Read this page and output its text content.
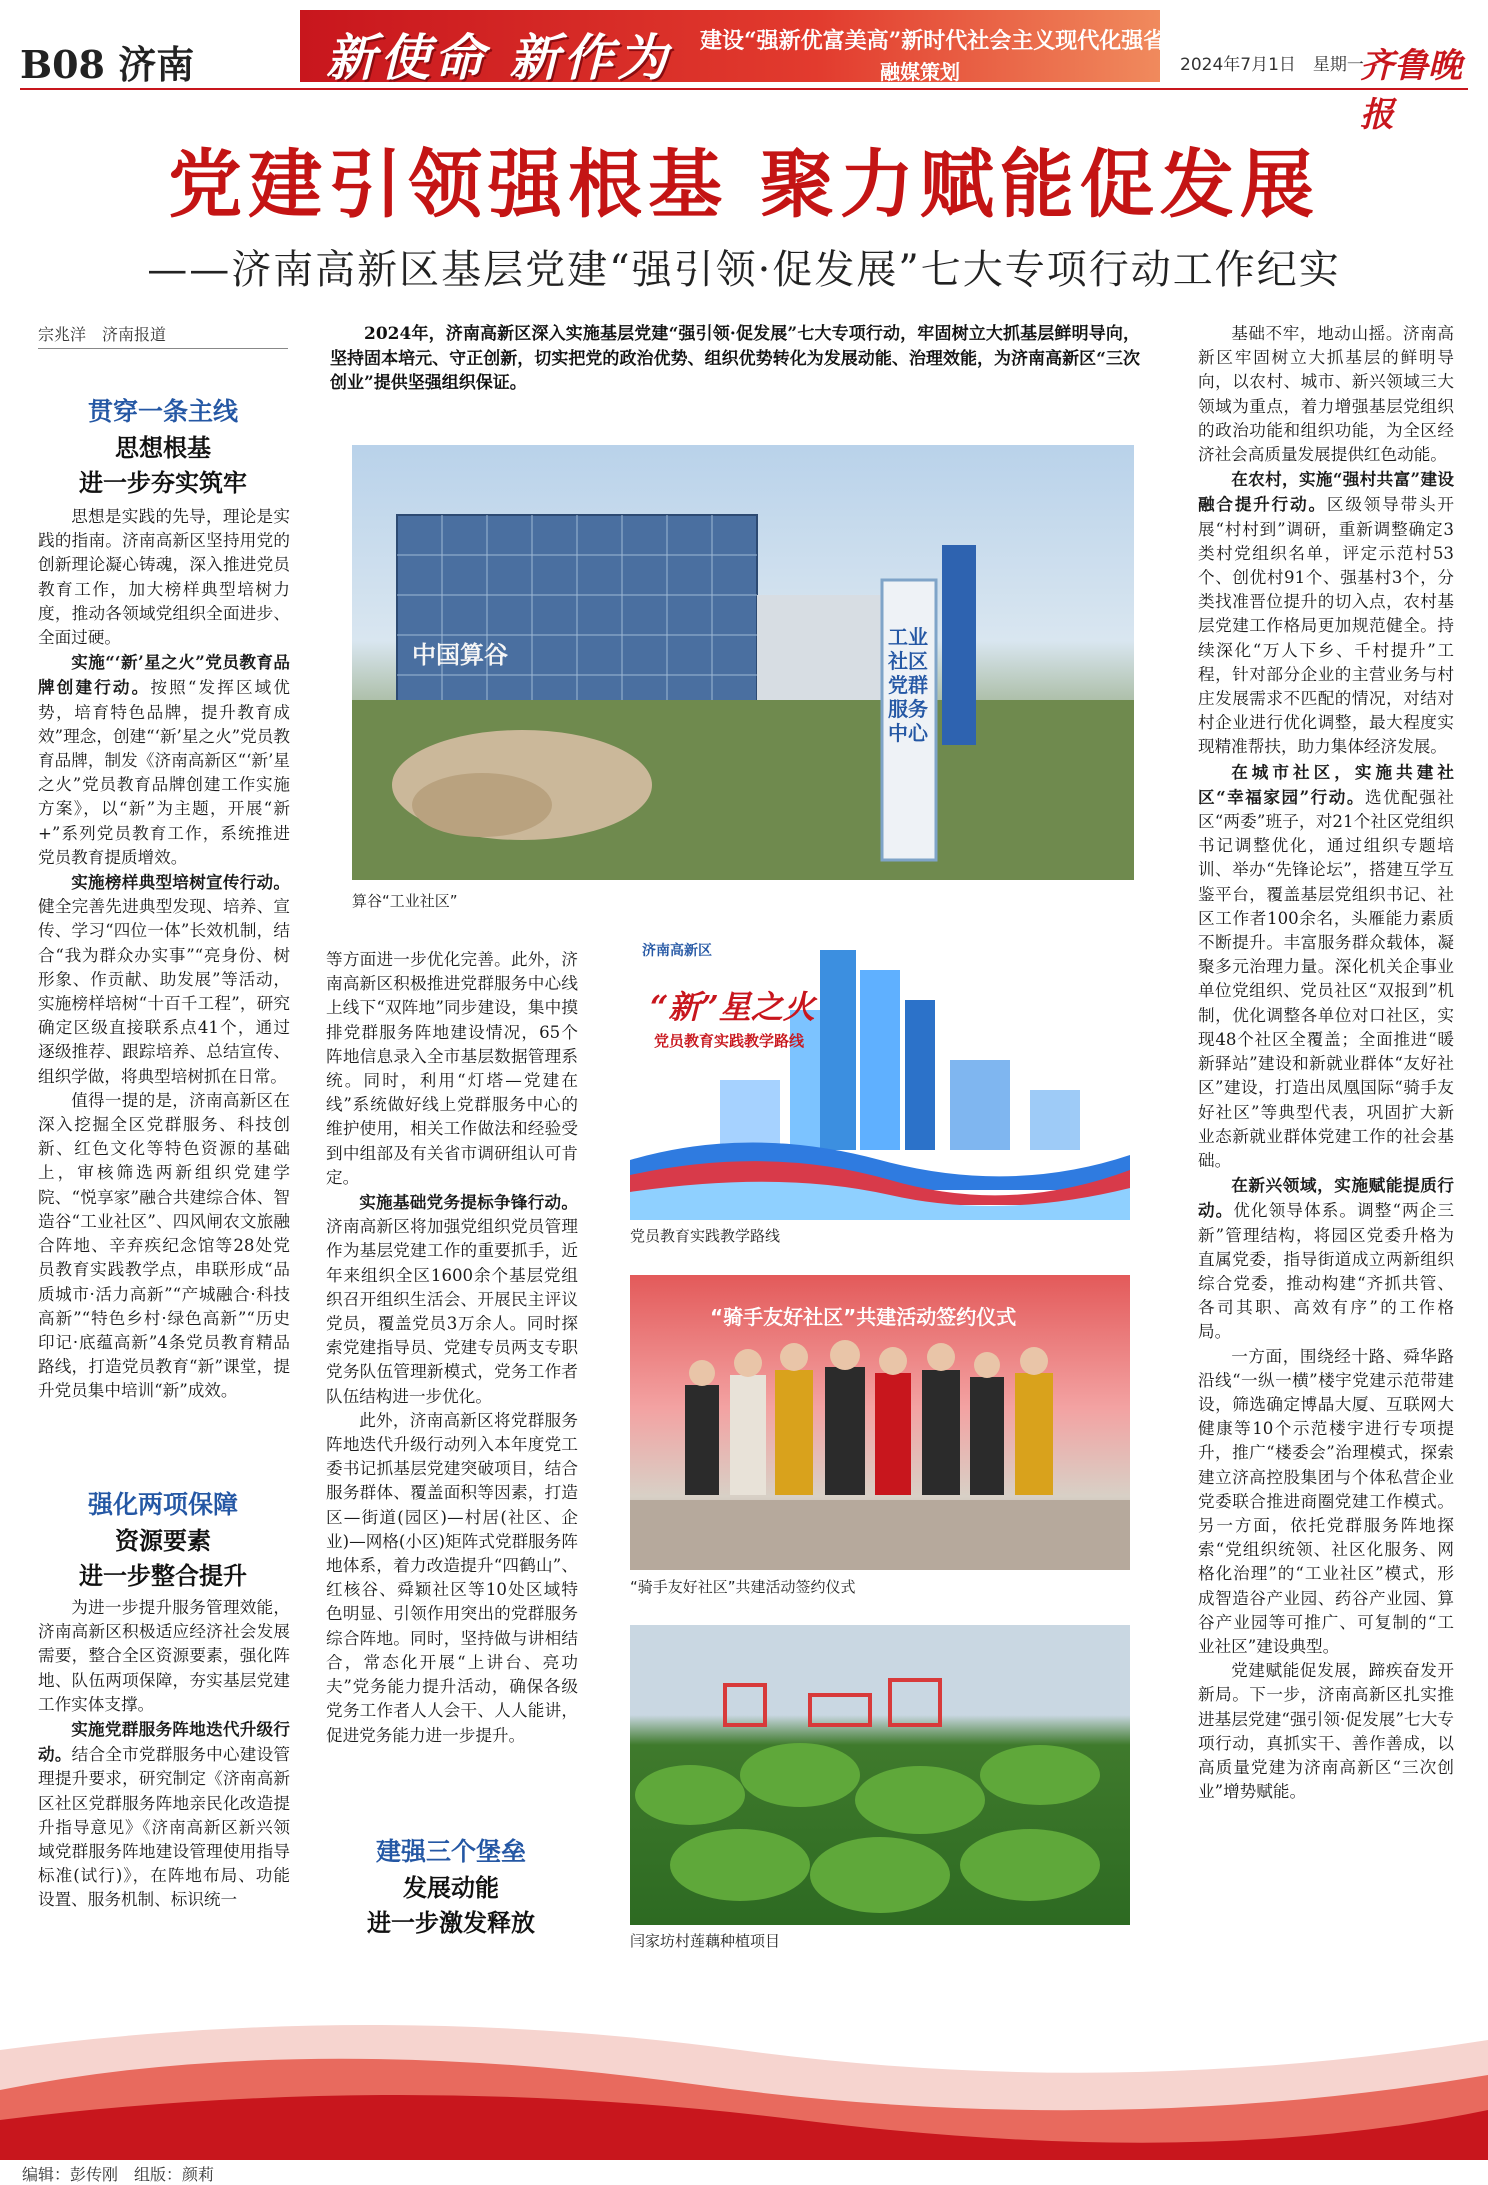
B08 济南	新使命 新作为 建设“强新优富美高”新时代社会主义现代化强省会
融媒策划	2024年7月1日　星期一
齐鲁晚报
党建引领强根基 聚力赋能促发展
——济南高新区基层党建“强引领·促发展”七大专项行动工作纪实
宗兆洋　济南报道
贯穿一条主线
思想根基
进一步夯实筑牢

思想是实践的先导，理论是实践的指南。济南高新区坚持用党的创新理论凝心铸魂，深入推进党员教育工作，加大榜样典型培树力度，推动各领域党组织全面进步、全面过硬。

实施“‘新’星之火”党员教育品牌创建行动。按照“发挥区域优势，培育特色品牌，提升教育成效”理念，创建“‘新’星之火”党员教育品牌，制发《济南高新区“‘新’星之火”党员教育品牌创建工作实施方案》，以“新”为主题，开展“新+”系列党员教育工作，系统推进党员教育提质增效。

实施榜样典型培树宣传行动。健全完善先进典型发现、培养、宣传、学习“四位一体”长效机制，结合“我为群众办实事”“亮身份、树形象、作贡献、助发展”等活动，实施榜样培树“十百千工程”，研究确定区级直接联系点41个，通过逐级推荐、跟踪培养、总结宣传、组织学做，将典型培树抓在日常。

值得一提的是，济南高新区在深入挖掘全区党群服务、科技创新、红色文化等特色资源的基础上，审核筛选两新组织党建学院、“悦享家”融合共建综合体、智造谷“工业社区”、四风闸农文旅融合阵地、辛弃疾纪念馆等28处党员教育实践教学点，串联形成“品质城市·活力高新”“产城融合·科技高新”“特色乡村·绿色高新”“历史印记·底蕴高新”4条党员教育精品路线，打造党员教育“新”课堂，提升党员集中培训“新”成效。

强化两项保障
资源要素
进一步整合提升

为进一步提升服务管理效能，济南高新区积极适应经济社会发展需要，整合全区资源要素，强化阵地、队伍两项保障，夯实基层党建工作实体支撑。

实施党群服务阵地迭代升级行动。结合全市党群服务中心建设管理提升要求，研究制定《济南高新区社区党群服务阵地亲民化改造提升指导意见》《济南高新区新兴领域党群服务阵地建设管理使用指导标准(试行)》，在阵地布局、功能设置、服务机制、标识统一

2024年，济南高新区深入实施基层党建“强引领·促发展”七大专项行动，牢固树立大抓基层鲜明导向，坚持固本培元、守正创新，切实把党的政治优势、组织优势转化为发展动能、治理效能，为济南高新区“三次创业”提供坚强组织保证。

中国算谷
工业社区党群服务中心
算谷“工业社区”

等方面进一步优化完善。此外，济南高新区积极推进党群服务中心线上线下“双阵地”同步建设，集中摸排党群服务阵地建设情况，65个阵地信息录入全市基层数据管理系统。同时，利用“灯塔—党建在线”系统做好线上党群服务中心的维护使用，相关工作做法和经验受到中组部及有关省市调研组认可肯定。

实施基础党务提标争锋行动。济南高新区将加强党组织党员管理作为基层党建工作的重要抓手，近年来组织全区1600余个基层党组织召开组织生活会、开展民主评议党员，覆盖党员3万余人。同时探索党建指导员、党建专员两支专职党务队伍管理新模式，党务工作者队伍结构进一步优化。

此外，济南高新区将党群服务阵地迭代升级行动列入本年度党工委书记抓基层党建突破项目，结合服务群体、覆盖面积等因素，打造区—街道(园区)—村居(社区、企业)—网格(小区)矩阵式党群服务阵地体系，着力改造提升“四鹤山”、红核谷、舜颖社区等10处区域特色明显、引领作用突出的党群服务综合阵地。同时，坚持做与讲相结合，常态化开展“上讲台、亮功夫”党务能力提升活动，确保各级党务工作者人人会干、人人能讲，促进党务能力进一步提升。

建强三个堡垒
发展动能
进一步激发释放
济南高新区
“新”星之火
党员教育实践教学路线
党员教育实践教学路线
“骑手友好社区”共建活动签约仪式
“骑手友好社区”共建活动签约仪式
闫家坊村莲藕种植项目

基础不牢，地动山摇。济南高新区牢固树立大抓基层的鲜明导向，以农村、城市、新兴领域三大领域为重点，着力增强基层党组织的政治功能和组织功能，为全区经济社会高质量发展提供红色动能。

在农村，实施“强村共富”建设融合提升行动。区级领导带头开展“村村到”调研，重新调整确定3类村党组织名单，评定示范村53个、创优村91个、强基村3个，分类找准晋位提升的切入点，农村基层党建工作格局更加规范健全。持续深化“万人下乡、千村提升”工程，针对部分企业的主营业务与村庄发展需求不匹配的情况，对结对村企业进行优化调整，最大程度实现精准帮扶，助力集体经济发展。

在城市社区，实施共建社区“幸福家园”行动。选优配强社区“两委”班子，对21个社区党组织书记调整优化，通过组织专题培训、举办“先锋论坛”，搭建互学互鉴平台，覆盖基层党组织书记、社区工作者100余名，头雁能力素质不断提升。丰富服务群众载体，凝聚多元治理力量。深化机关企事业单位党组织、党员社区“双报到”机制，优化调整各单位对口社区，实现48个社区全覆盖；全面推进“暖新驿站”建设和新就业群体“友好社区”建设，打造出凤凰国际“骑手友好社区”等典型代表，巩固扩大新业态新就业群体党建工作的社会基础。

在新兴领域，实施赋能提质行动。优化领导体系。调整“两企三新”管理结构，将园区党委升格为直属党委，指导街道成立两新组织综合党委，推动构建“齐抓共管、各司其职、高效有序”的工作格局。

一方面，围绕经十路、舜华路沿线“一纵一横”楼宇党建示范带建设，筛选确定博晶大厦、互联网大健康等10个示范楼宇进行专项提升，推广“楼委会”治理模式，探索建立济高控股集团与个体私营企业党委联合推进商圈党建工作模式。另一方面，依托党群服务阵地探索“党组织统领、社区化服务、网格化治理”的“工业社区”模式，形成智造谷产业园、药谷产业园、算谷产业园等可推广、可复制的“工业社区”建设典型。

党建赋能促发展，蹄疾奋发开新局。下一步，济南高新区扎实推进基层党建“强引领·促发展”七大专项行动，真抓实干、善作善成，以高质量党建为济南高新区“三次创业”增势赋能。

编辑：彭传刚　组版：颜莉
